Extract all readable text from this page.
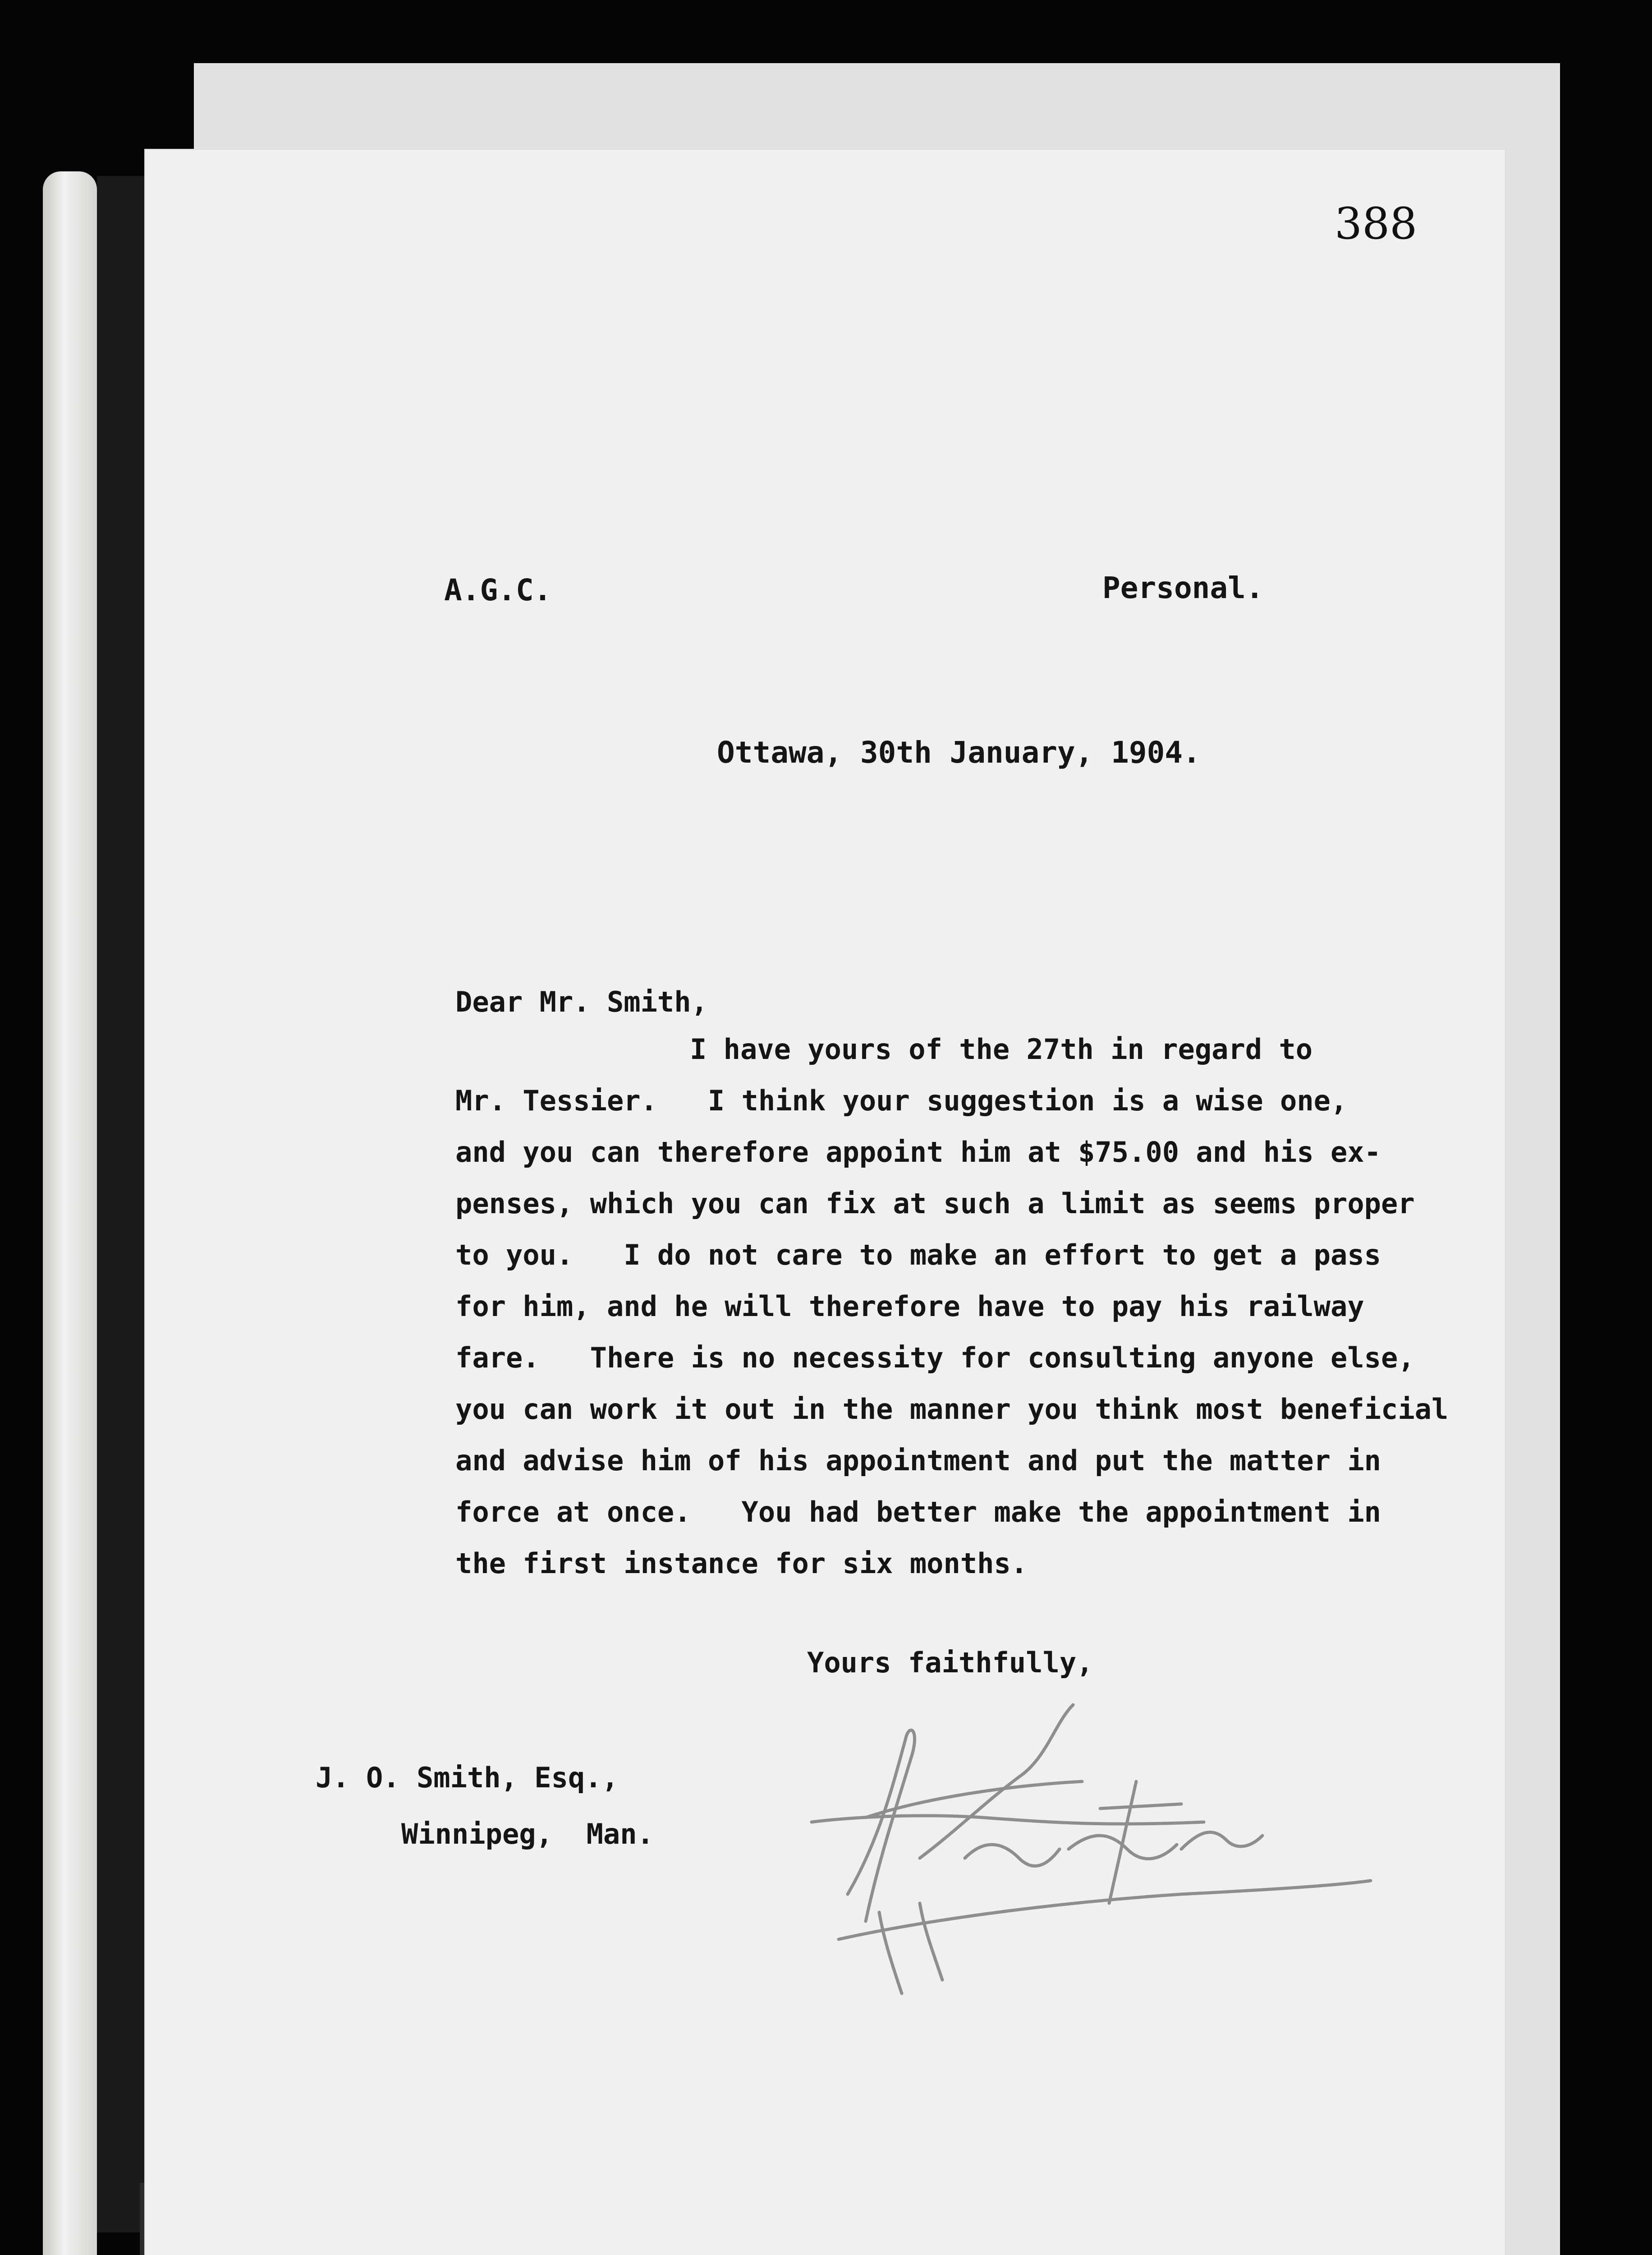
388
A.G.C.	Personal.
Ottawa, 30th January, 1904.
Dear Mr. Smith,
I have yours of the 27th in regard to
Mr. Tessier.   I think your suggestion is a wise one,
and you can therefore appoint him at $75.00 and his ex-
penses, which you can fix at such a limit as seems proper
to you.   I do not care to make an effort to get a pass
for him, and he will therefore have to pay his railway
fare.   There is no necessity for consulting anyone else,
you can work it out in the manner you think most beneficial
and advise him of his appointment and put the matter in
force at once.   You had better make the appointment in
the first instance for six months.
Yours faithfully,
J. O. Smith, Esq.,
Winnipeg,  Man.
